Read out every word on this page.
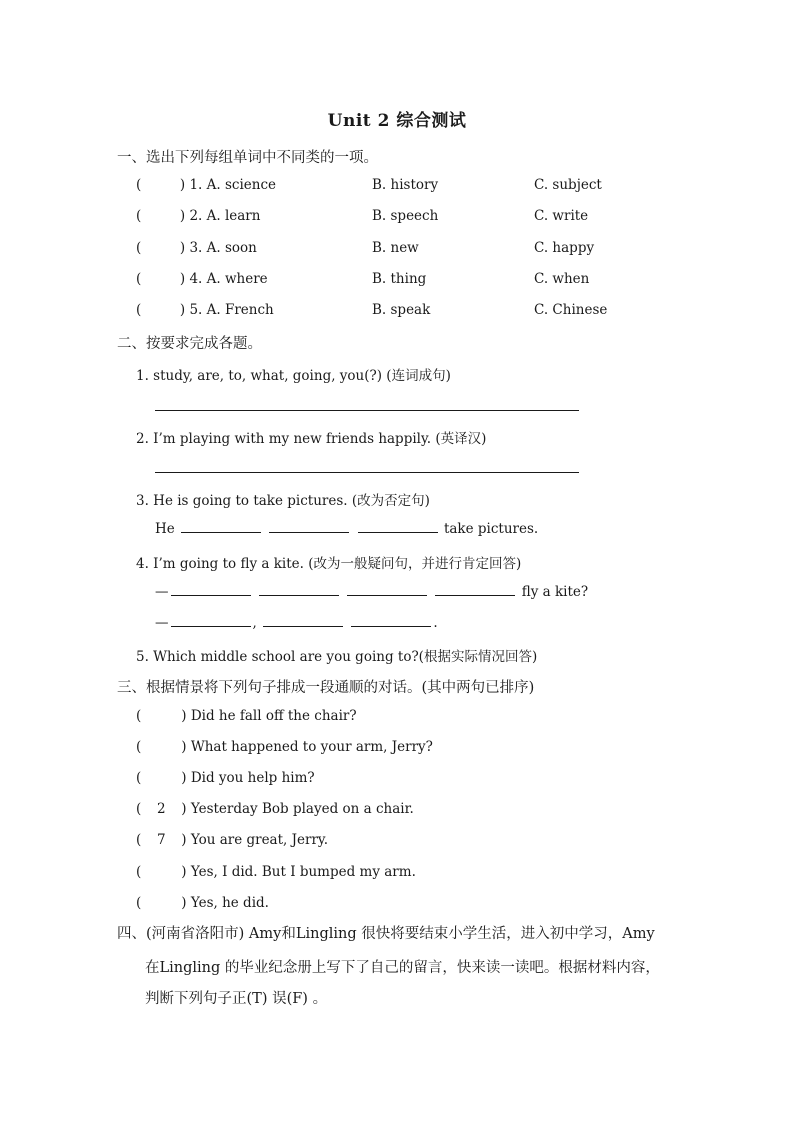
Unit 2 综合测试
一、选出下列每组单词中不同类的一项。
(         ) 1. A. science	B. history	C. subject
(         ) 2. A. learn	B. speech	C. write
(         ) 3. A. soon	B. new	C. happy
(         ) 4. A. where	B. thing	C. when
(         ) 5. A. French	B. speak	C. Chinese
二、按要求完成各题。
1. study, are, to, what, going, you(?) (连词成句)
2. I’m playing with my new friends happily. (英译汉)
3. He is going to take pictures. (改为否定句)
He	take pictures.
4. I’m going to fly a kite. (改为一般疑问句，并进行肯定回答)
—	fly a kite?
—	,	.
5. Which middle school are you going to?(根据实际情况回答)
三、根据情景将下列句子排成一段通顺的对话。(其中两句已排序)
(	) Did he fall off the chair?
(	) What happened to your arm, Jerry?
(	) Did you help him?
( 2 ) Yesterday Bob played on a chair.
( 7 ) You are great, Jerry.
(	) Yes, I did. But I bumped my arm.
(	) Yes, he did.
四、(河南省洛阳市) Amy和Lingling 很快将要结束小学生活，进入初中学习，Amy
在Lingling 的毕业纪念册上写下了自己的留言，快来读一读吧。根据材料内容，
判断下列句子正(T) 误(F) 。
